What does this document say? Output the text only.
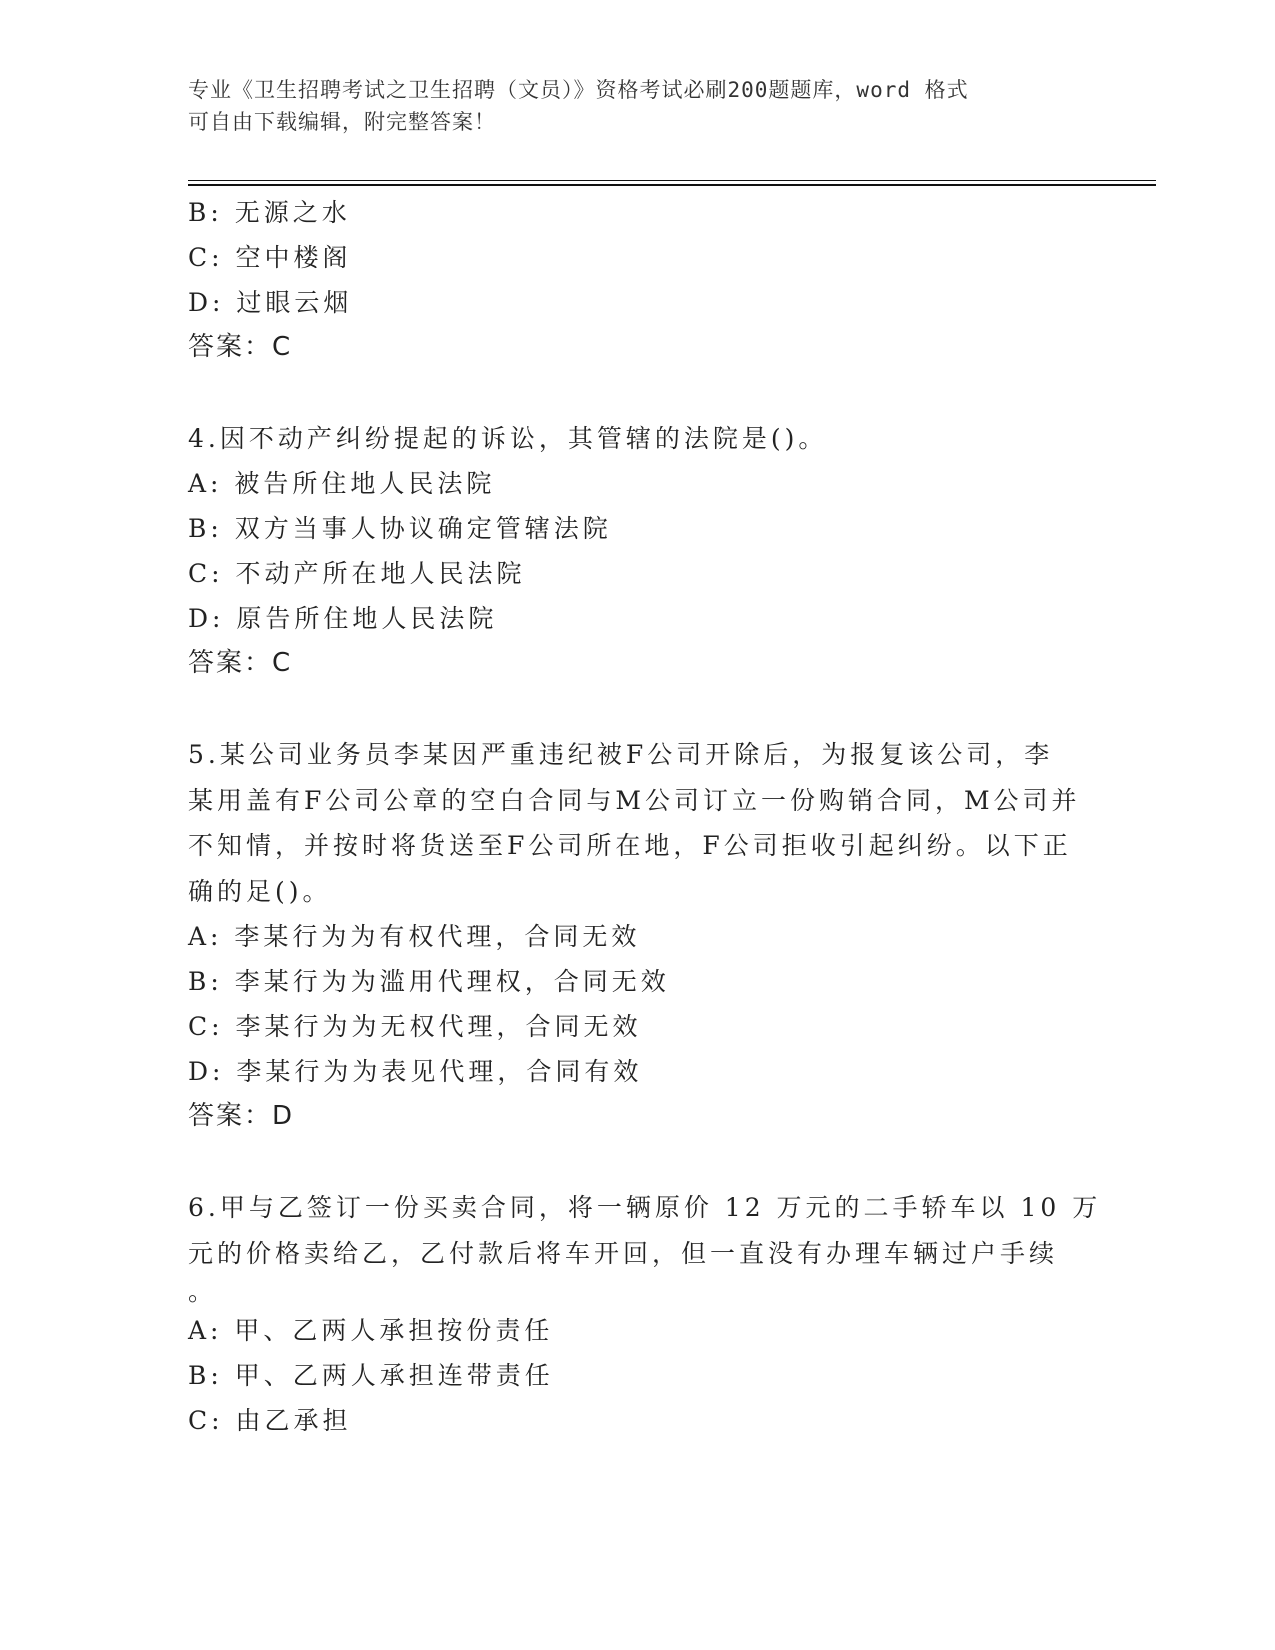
专业《卫生招聘考试之卫生招聘（文员）》资格考试必刷200题题库，word 格式
可自由下载编辑，附完整答案！
B: 无源之水
C: 空中楼阁
D: 过眼云烟
答案：C
4.因不动产纠纷提起的诉讼，其管辖的法院是()。
A: 被告所住地人民法院
B: 双方当事人协议确定管辖法院
C: 不动产所在地人民法院
D: 原告所住地人民法院
答案：C
5.某公司业务员李某因严重违纪被F公司开除后，为报复该公司，李
某用盖有F公司公章的空白合同与M公司订立一份购销合同，M公司并
不知情，并按时将货送至F公司所在地，F公司拒收引起纠纷。以下正
确的足()。
A: 李某行为为有权代理，合同无效
B: 李某行为为滥用代理权，合同无效
C: 李某行为为无权代理，合同无效
D: 李某行为为表见代理，合同有效
答案：D
6.甲与乙签订一份买卖合同，将一辆原价 12 万元的二手轿车以 10 万
元的价格卖给乙，乙付款后将车开回，但一直没有办理车辆过户手续
。
A: 甲、乙两人承担按份责任
B: 甲、乙两人承担连带责任
C: 由乙承担
